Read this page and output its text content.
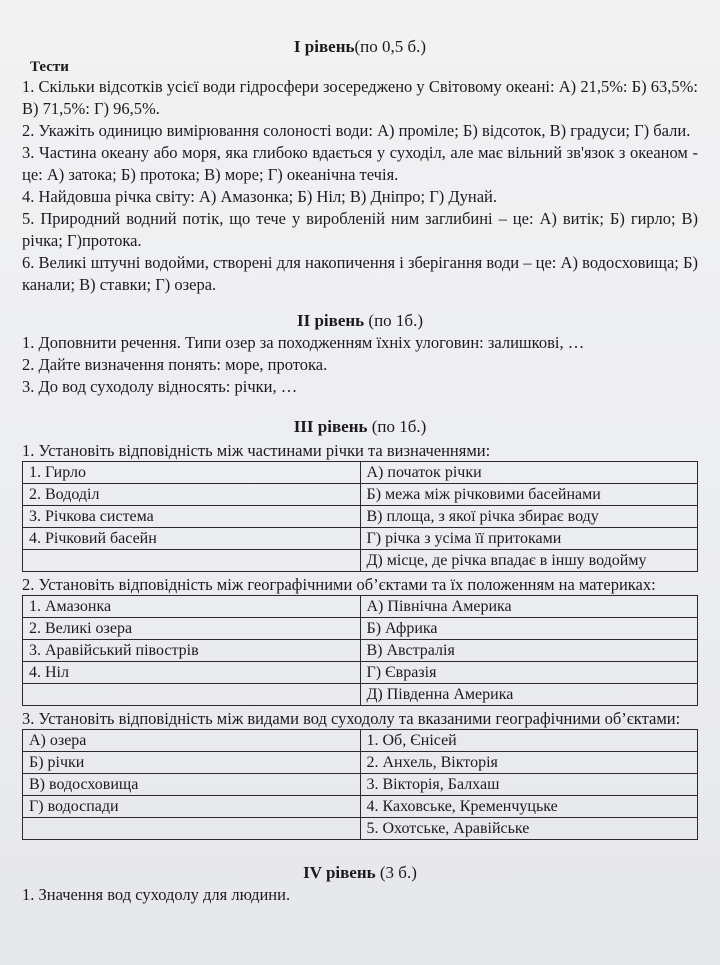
І рівень(по 0,5 б.)

Тести

1. Скільки відсотків усієї води гідросфери зосереджено у Світовому океані: А) 21,5%: Б) 63,5%: В) 71,5%: Г) 96,5%.

2. Укажіть одиницю вимірювання солоності води: А) проміле; Б) відсоток, В) градуси; Г) бали.

3. Частина океану або моря, яка глибоко вдається у суходіл, але має вільний зв'язок з океаном - це: А) затока; Б) протока; В) море; Г) океанічна течія.

4. Найдовша річка світу: А) Амазонка; Б) Ніл; В) Дніпро; Г) Дунай.

5. Природний водний потік, що тече у виробленій ним заглибині – це: А) витік; Б) гирло; В) річка; Г)протока.

6. Великі штучні водойми, створені для накопичення і зберігання води – це: А) водосховища; Б) канали; В) ставки; Г) озера.

ІІ рівень (по 1б.)

1. Доповнити речення. Типи озер за походженням їхніх улоговин: залишкові, …

2. Дайте визначення понять: море, протока.

3. До вод суходолу відносять: річки, …

ІІІ рівень (по 1б.)

1. Установіть відповідність між частинами річки та визначеннями:

1. Гирло	А) початок річки
2. Вододіл	Б) межа між річковими басейнами
3. Річкова система	В) площа, з якої річка збирає воду
4. Річковий басейн	Г) річка з усіма її притоками
	Д) місце, де річка впадає в іншу водойму

2. Установіть відповідність між географічними об’єктами та їх положенням на материках:

1. Амазонка	А) Північна Америка
2. Великі озера	Б) Африка
3. Аравійський півострів	В) Австралія
4. Ніл	Г) Євразія
	Д) Південна Америка

3. Установіть відповідність між видами вод суходолу та вказаними географічними об’єктами:

А) озера	1. Об, Єнісей
Б) річки	2. Анхель, Вікторія
В) водосховища	3. Вікторія, Балхаш
Г) водоспади	4. Каховське, Кременчуцьке
	5. Охотське, Аравійське

IV рівень (3 б.)

1. Значення вод суходолу для людини.
